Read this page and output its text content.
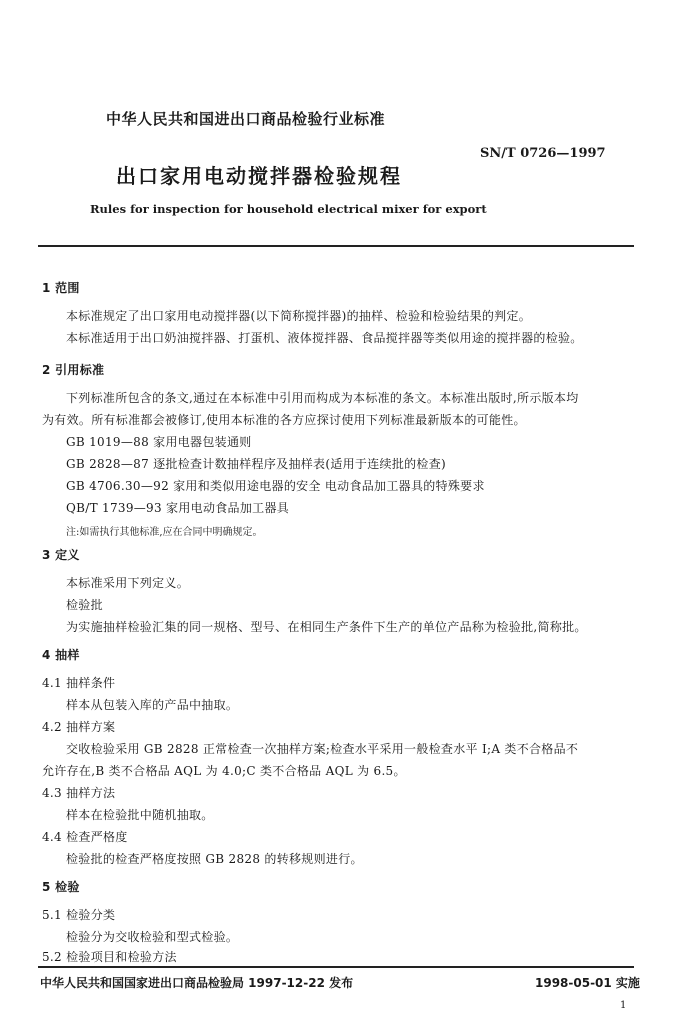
中华人民共和国进出口商品检验行业标准
SN/T 0726—1997
出口家用电动搅拌器检验规程
Rules for inspection for household electrical mixer for export
1 范围
本标准规定了出口家用电动搅拌器(以下简称搅拌器)的抽样、检验和检验结果的判定。
本标准适用于出口奶油搅拌器、打蛋机、液体搅拌器、食品搅拌器等类似用途的搅拌器的检验。
2 引用标准
下列标准所包含的条文,通过在本标准中引用而构成为本标准的条文。本标准出版时,所示版本均
为有效。所有标准都会被修订,使用本标准的各方应探讨使用下列标准最新版本的可能性。
GB 1019—88 家用电器包装通则
GB 2828—87 逐批检查计数抽样程序及抽样表(适用于连续批的检查)
GB 4706.30—92 家用和类似用途电器的安全 电动食品加工器具的特殊要求
QB/T 1739—93 家用电动食品加工器具
注:如需执行其他标准,应在合同中明确规定。
3 定义
本标准采用下列定义。
检验批
为实施抽样检验汇集的同一规格、型号、在相同生产条件下生产的单位产品称为检验批,简称批。
4 抽样
4.1 抽样条件
样本从包装入库的产品中抽取。
4.2 抽样方案
交收检验采用 GB 2828 正常检查一次抽样方案;检查水平采用一般检查水平 Ⅰ;A 类不合格品不
允许存在,B 类不合格品 AQL 为 4.0;C 类不合格品 AQL 为 6.5。
4.3 抽样方法
样本在检验批中随机抽取。
4.4 检查严格度
检验批的检查严格度按照 GB 2828 的转移规则进行。
5 检验
5.1 检验分类
检验分为交收检验和型式检验。
5.2 检验项目和检验方法
中华人民共和国国家进出口商品检验局 1997-12-22 发布	1998-05-01 实施
1
